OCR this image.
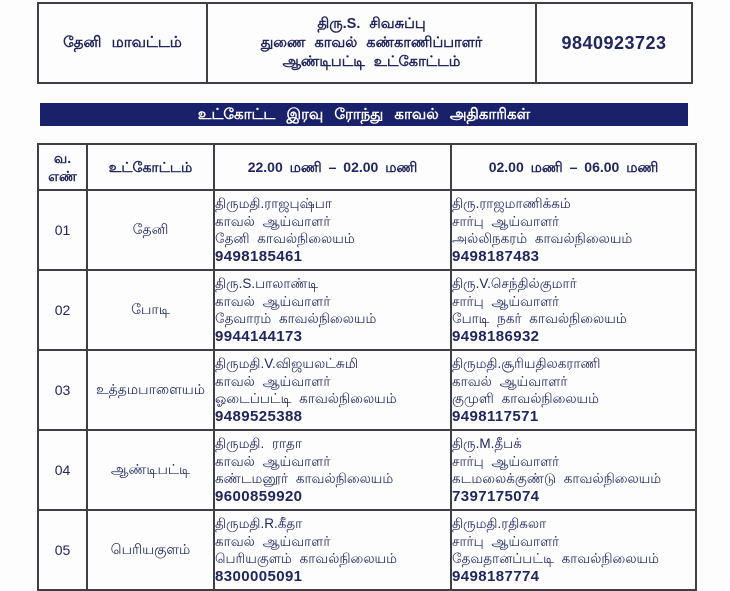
தேனி மாவட்டம்
திரு.S. சிவசுப்பு
துணை காவல் கண்காணிப்பாளர்
ஆண்டிபட்டி உட்கோட்டம்
9840923723
உட்கோட்ட இரவு ரோந்து காவல் அதிகாரிகள்
வ.
எண்	உட்கோட்டம்	22.00 மணி – 02.00 மணி	02.00 மணி – 06.00 மணி
01	தேனி	
திருமதி.ராஜபுஷ்பா
காவல் ஆய்வாளர்
தேனி காவல்நிலையம்
9498185461

திரு.ராஜமாணிக்கம்
சார்பு ஆய்வாளர்
அல்லிநகரம் காவல்நிலையம்
9498187483

02	போடி	
திரு.S.பாலாண்டி
காவல் ஆய்வாளர்
தேவாரம் காவல்நிலையம்
9944144173

திரு.V.செந்தில்குமார்
சார்பு ஆய்வாளர்
போடி நகர் காவல்நிலையம்
9498186932

03	உத்தமபாளையம்	
திருமதி.V.விஜயலட்சுமி
காவல் ஆய்வாளர்
ஓடைப்பட்டி காவல்நிலையம்
9489525388

திருமதி.சூரியதிலகராணி
காவல் ஆய்வாளர்
குமுளி காவல்நிலையம்
9498117571

04	ஆண்டிபட்டி	
திருமதி. ராதா
காவல் ஆய்வாளர்
கண்டமனூர் காவல்நிலையம்
9600859920

திரு.M.தீபக்
சார்பு ஆய்வாளர்
கடமலைக்குண்டு காவல்நிலையம்
7397175074

05	பெரியகுளம்	
திருமதி.R.கீதா
காவல் ஆய்வாளர்
பெரியகுளம் காவல்நிலையம்
8300005091

திருமதி.ரதிகலா
சார்பு ஆய்வாளர்
தேவதானப்பட்டி காவல்நிலையம்
9498187774
